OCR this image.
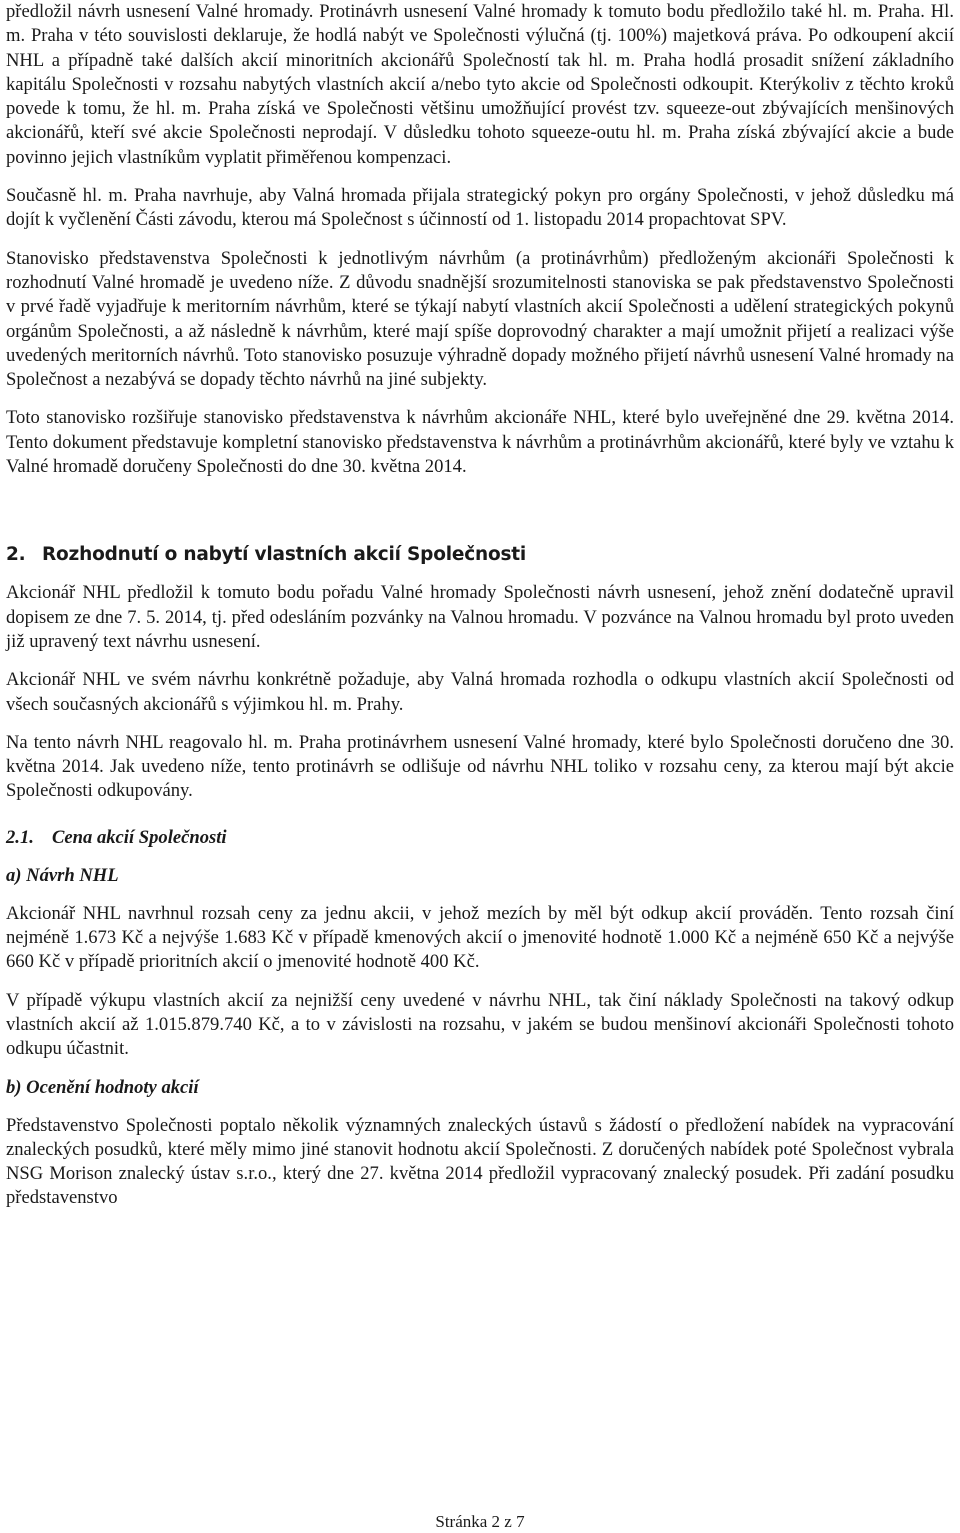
předložil návrh usnesení Valné hromady. Protinávrh usnesení Valné hromady k tomuto bodu předložilo také hl. m. Praha. Hl. m. Praha v této souvislosti deklaruje, že hodlá nabýt ve Společnosti výlučná (tj. 100%) majetková práva. Po odkoupení akcií NHL a případně také dalších akcií minoritních akcionářů Společností tak hl. m. Praha hodlá prosadit snížení základního kapitálu Společnosti v rozsahu nabytých vlastních akcií a/nebo tyto akcie od Společnosti odkoupit. Kterýkoliv z těchto kroků povede k tomu, že hl. m. Praha získá ve Společnosti většinu umožňující provést tzv. squeeze-out zbývajících menšinových akcionářů, kteří své akcie Společnosti neprodají. V důsledku tohoto squeeze-outu hl. m. Praha získá zbývající akcie a bude povinno jejich vlastníkům vyplatit přiměřenou kompenzaci.

Současně hl. m. Praha navrhuje, aby Valná hromada přijala strategický pokyn pro orgány Společnosti, v jehož důsledku má dojít k vyčlenění Části závodu, kterou má Společnost s účinností od 1. listopadu 2014 propachtovat SPV.

Stanovisko představenstva Společnosti k jednotlivým návrhům (a protinávrhům) předloženým akcionáři Společnosti k rozhodnutí Valné hromadě je uvedeno níže. Z důvodu snadnější srozumitelnosti stanoviska se pak představenstvo Společnosti v prvé řadě vyjadřuje k meritorním návrhům, které se týkají nabytí vlastních akcií Společnosti a udělení strategických pokynů orgánům Společnosti, a až následně k návrhům, které mají spíše doprovodný charakter a mají umožnit přijetí a realizaci výše uvedených meritorních návrhů. Toto stanovisko posuzuje výhradně dopady možného přijetí návrhů usnesení Valné hromady na Společnost a nezabývá se dopady těchto návrhů na jiné subjekty.

Toto stanovisko rozšiřuje stanovisko představenstva k návrhům akcionáře NHL, které bylo uveřejněné dne 29. května 2014. Tento dokument představuje kompletní stanovisko představenstva k návrhům a protinávrhům akcionářů, které byly ve vztahu k Valné hromadě doručeny Společnosti do dne 30. května 2014.

2. Rozhodnutí o nabytí vlastních akcií Společnosti

Akcionář NHL předložil k tomuto bodu pořadu Valné hromady Společnosti návrh usnesení, jehož znění dodatečně upravil dopisem ze dne 7. 5. 2014, tj. před odesláním pozvánky na Valnou hromadu. V pozvánce na Valnou hromadu byl proto uveden již upravený text návrhu usnesení.

Akcionář NHL ve svém návrhu konkrétně požaduje, aby Valná hromada rozhodla o odkupu vlastních akcií Společnosti od všech současných akcionářů s výjimkou hl. m. Prahy.

Na tento návrh NHL reagovalo hl. m. Praha protinávrhem usnesení Valné hromady, které bylo Společnosti doručeno dne 30. května 2014. Jak uvedeno níže, tento protinávrh se odlišuje od návrhu NHL toliko v rozsahu ceny, za kterou mají být akcie Společnosti odkupovány.

2.1. Cena akcií Společnosti
a) Návrh NHL

Akcionář NHL navrhnul rozsah ceny za jednu akcii, v jehož mezích by měl být odkup akcií prováděn. Tento rozsah činí nejméně 1.673 Kč a nejvýše 1.683 Kč v případě kmenových akcií o jmenovité hodnotě 1.000 Kč a nejméně 650 Kč a nejvýše 660 Kč v případě prioritních akcií o jmenovité hodnotě 400 Kč.

V případě výkupu vlastních akcií za nejnižší ceny uvedené v návrhu NHL, tak činí náklady Společnosti na takový odkup vlastních akcií až 1.015.879.740 Kč, a to v závislosti na rozsahu, v jakém se budou menšinoví akcionáři Společnosti tohoto odkupu účastnit.

b) Ocenění hodnoty akcií

Představenstvo Společnosti poptalo několik významných znaleckých ústavů s žádostí o předložení nabídek na vypracování znaleckých posudků, které měly mimo jiné stanovit hodnotu akcií Společnosti. Z doručených nabídek poté Společnost vybrala NSG Morison znalecký ústav s.r.o., který dne 27. května 2014 předložil vypracovaný znalecký posudek. Při zadání posudku představenstvo

Stránka 2 z 7
